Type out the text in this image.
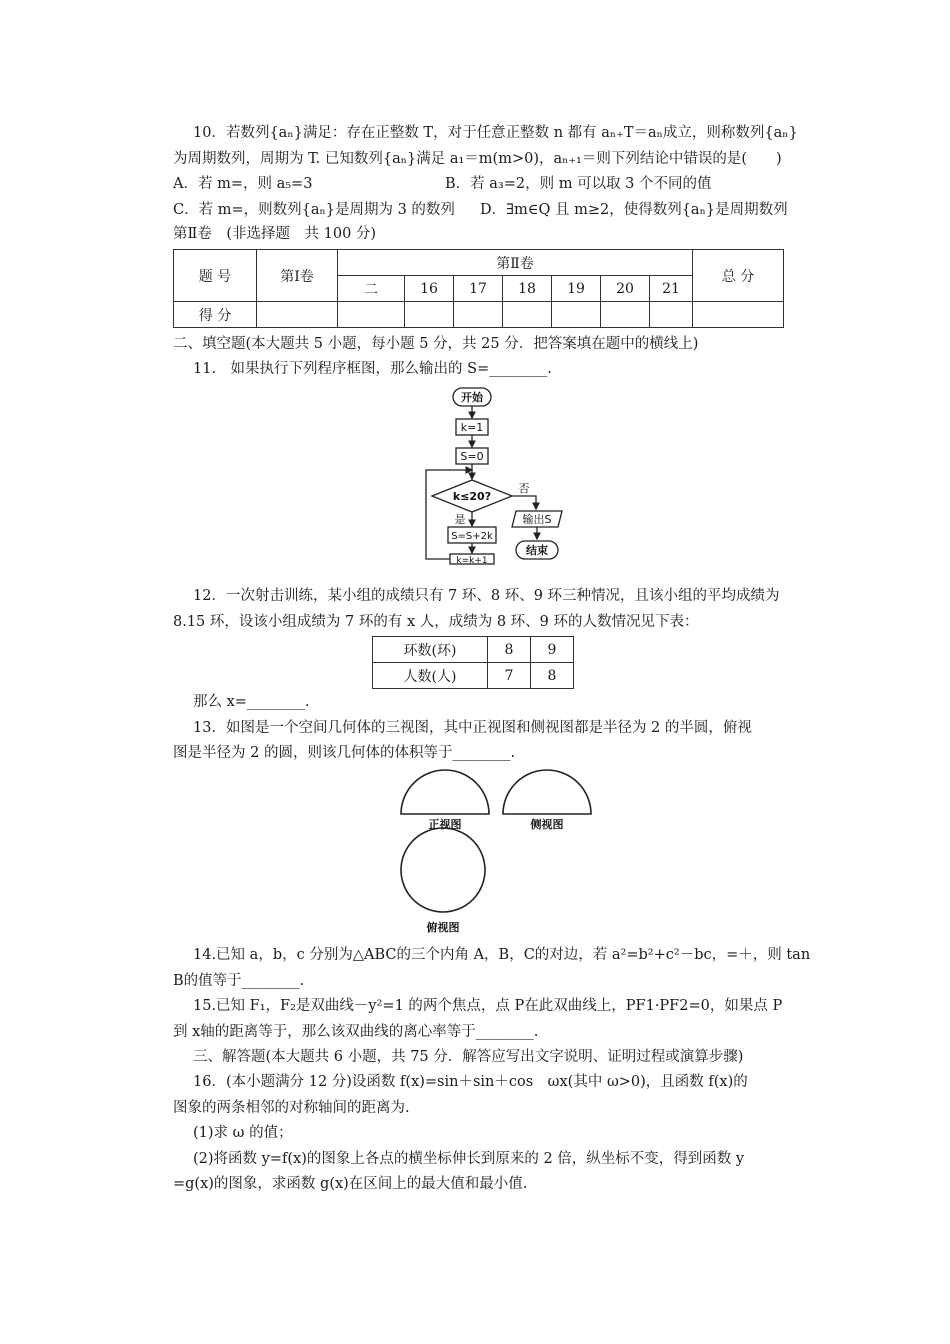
10．若数列{aₙ}满足：存在正整数 T，对于任意正整数 n 都有 aₙ₊T＝aₙ成立，则称数列{aₙ}
为周期数列，周期为 T. 已知数列{aₙ}满足 a₁＝m(m>0)，aₙ₊₁＝则下列结论中错误的是(　　)
A．若 m=，则 a₅=3	B．若 a₃=2，则 m 可以取 3 个不同的值
C．若 m=，则数列{aₙ}是周期为 3 的数列 D．∃m∈Q 且 m≥2，使得数列{aₙ}是周期数列
第Ⅱ卷　(非选择题　共 100 分)
题 号	第Ⅰ卷	第Ⅱ卷							总 分
		二	16	17	18	19	20	21	
得 分									
二、填空题(本大题共 5 小题，每小题 5 分，共 25 分．把答案填在题中的横线上)
11.　如果执行下列程序框图，那么输出的 S=________.
开始
k=1
S=0
k≤20?
否
输出S
结束
是
S=S+2k
k=k+1
12．一次射击训练，某小组的成绩只有 7 环、8 环、9 环三种情况，且该小组的平均成绩为
8.15 环，设该小组成绩为 7 环的有 x 人，成绩为 8 环、9 环的人数情况见下表：
环数(环)	8	9
人数(人)	7	8
那么 x=________.
13．如图是一个空间几何体的三视图，其中正视图和侧视图都是半径为 2 的半圆，俯视
图是半径为 2 的圆，则该几何体的体积等于________.
正视图	侧视图
俯视图
14.已知 a，b，c 分别为△ABC的三个内角 A，B，C的对边，若 a²=b²+c²－bc，=＋，则 tan
B的值等于________.
15.已知 F₁，F₂是双曲线－y²=1 的两个焦点，点 P在此双曲线上，PF1·PF2=0，如果点 P
到 x轴的距离等于，那么该双曲线的离心率等于________.
三、解答题(本大题共 6 小题，共 75 分．解答应写出文字说明、证明过程或演算步骤)
16．(本小题满分 12 分)设函数 f(x)=sin＋sin＋cos　ωx(其中 ω>0)，且函数 f(x)的
图象的两条相邻的对称轴间的距离为.
(1)求 ω 的值；
(2)将函数 y=f(x)的图象上各点的横坐标伸长到原来的 2 倍，纵坐标不变，得到函数 y
=g(x)的图象，求函数 g(x)在区间上的最大值和最小值.
